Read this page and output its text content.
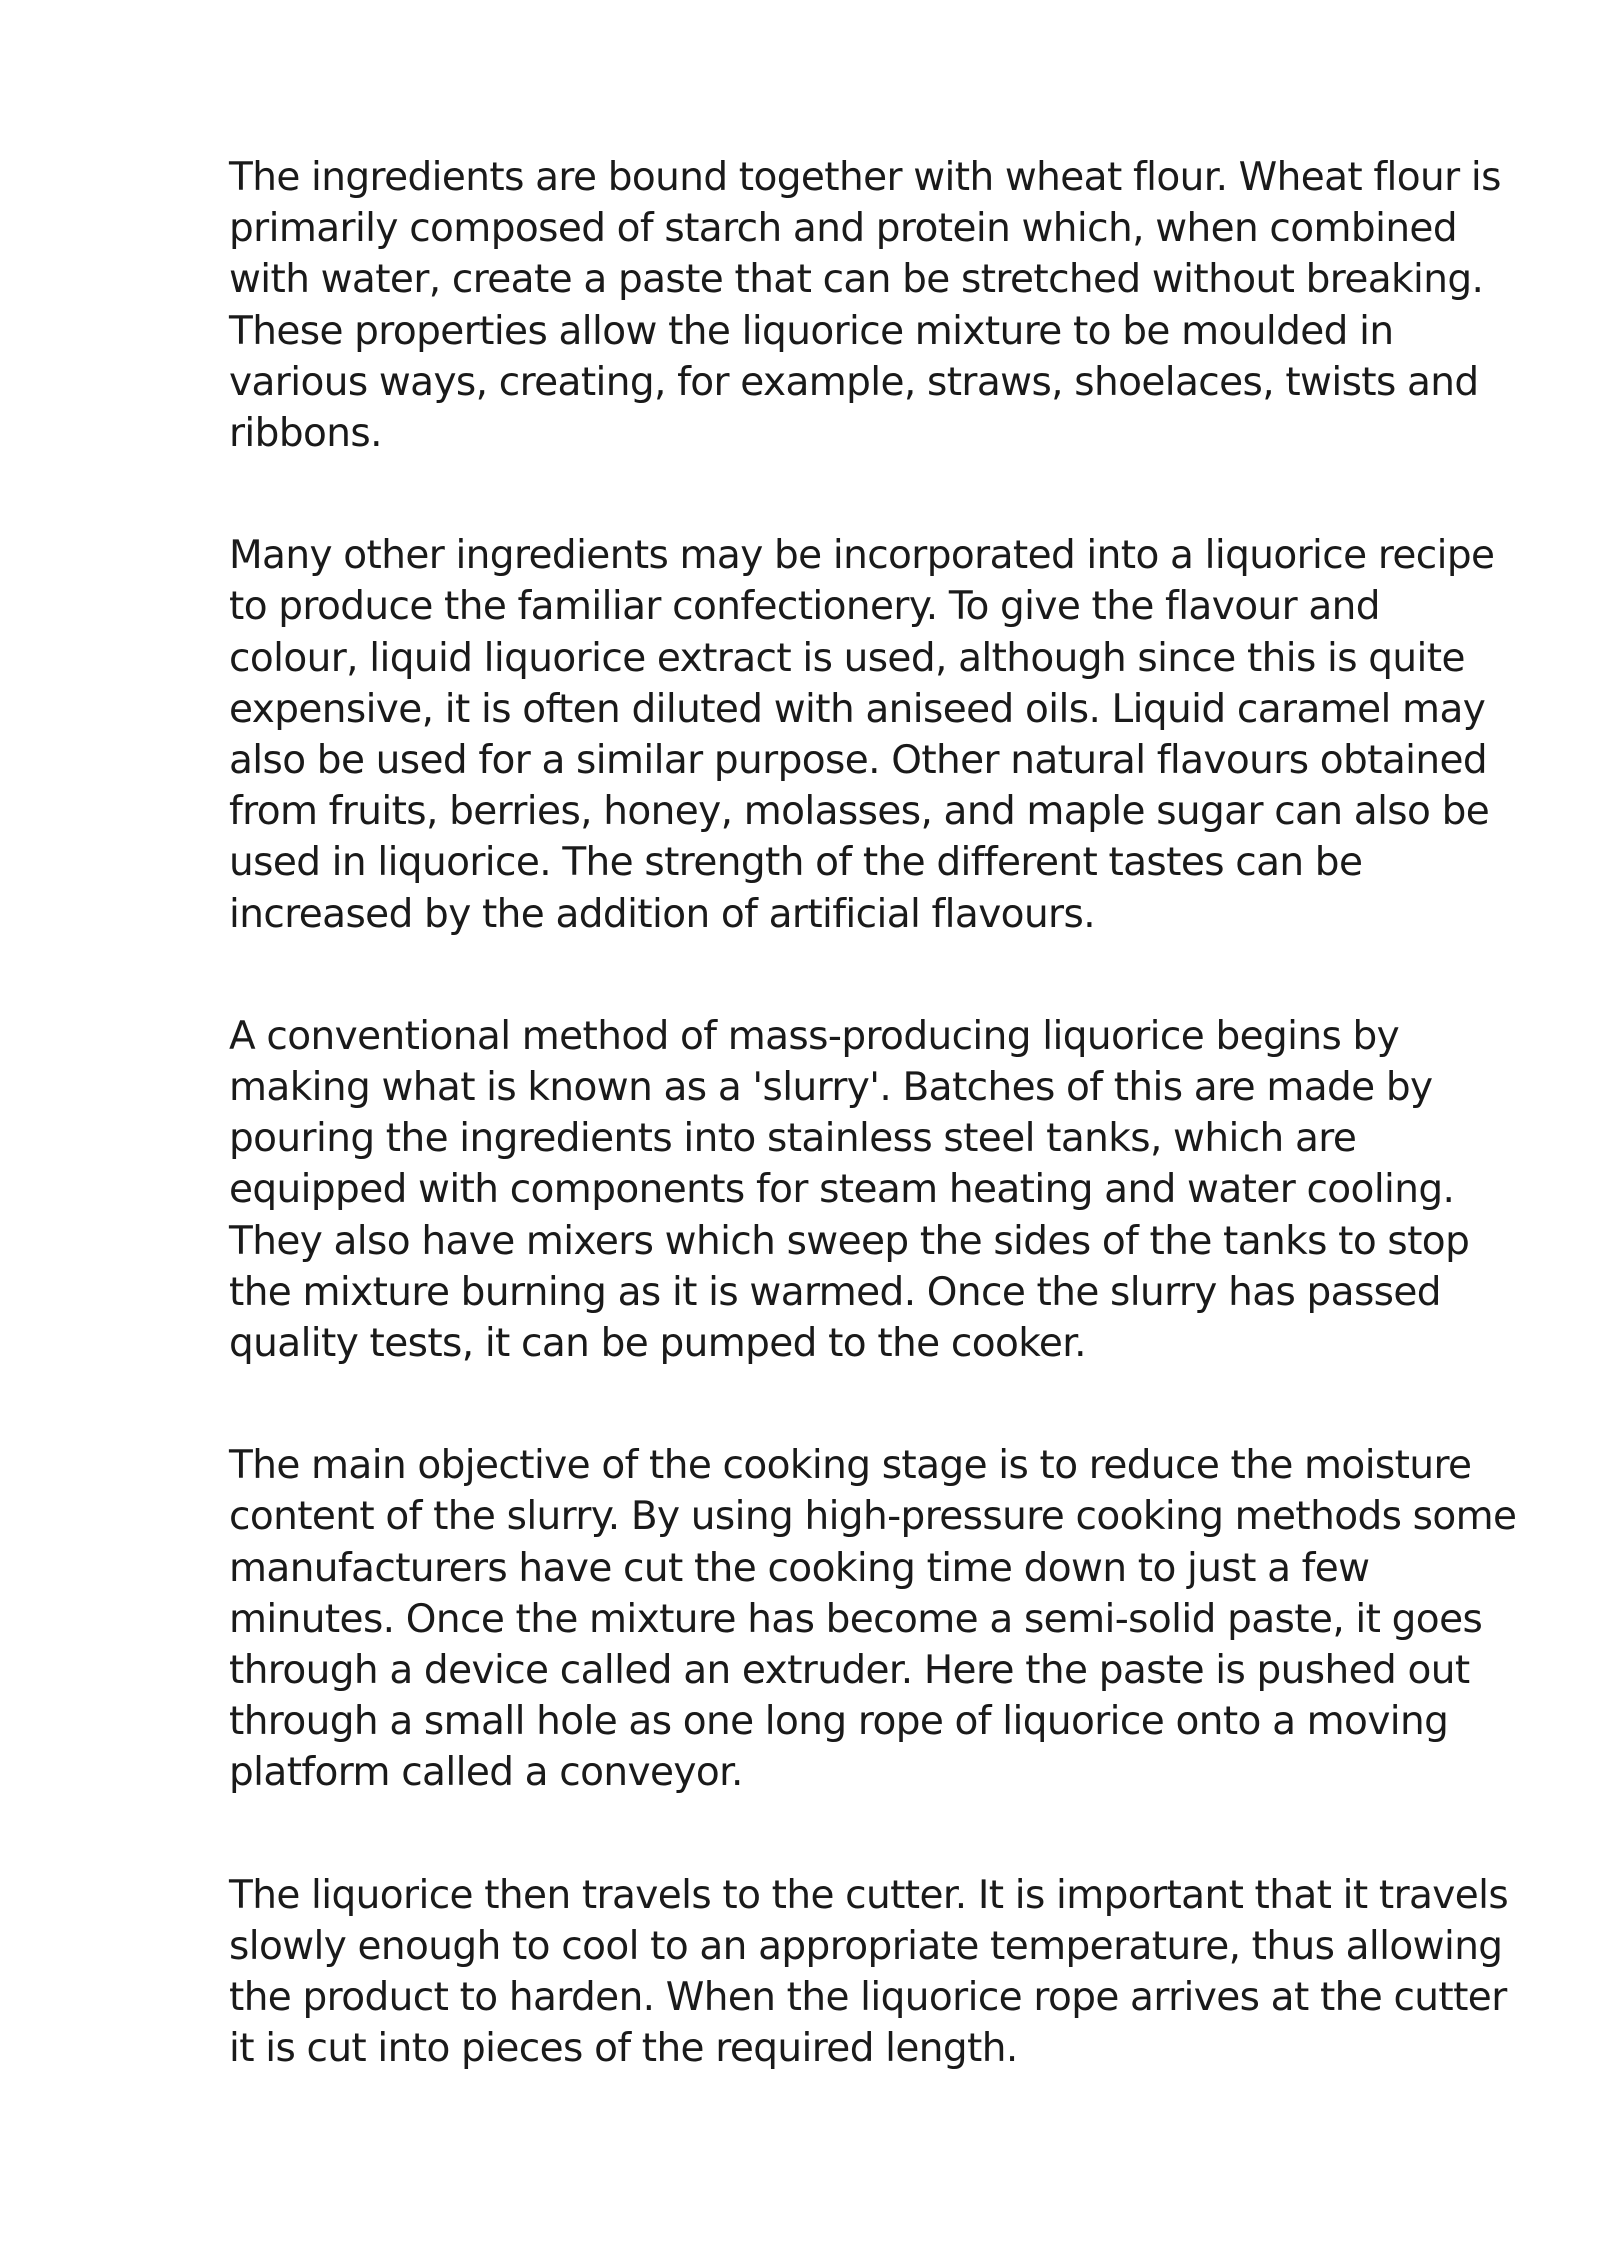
The ingredients are bound together with wheat flour. Wheat flour is primarily composed of starch and protein which, when combined with water, create a paste that can be stretched without breaking. These properties allow the liquorice mixture to be moulded in various ways, creating, for example, straws, shoelaces, twists and ribbons.

Many other ingredients may be incorporated into a liquorice recipe to produce the familiar confectionery. To give the flavour and colour, liquid liquorice extract is used, although since this is quite expensive, it is often diluted with aniseed oils. Liquid caramel may also be used for a similar purpose. Other natural flavours obtained from fruits, berries, honey, molasses, and maple sugar can also be used in liquorice. The strength of the different tastes can be increased by the addition of artificial flavours.

A conventional method of mass-producing liquorice begins by making what is known as a 'slurry'. Batches of this are made by pouring the ingredients into stainless steel tanks, which are equipped with components for steam heating and water cooling. They also have mixers which sweep the sides of the tanks to stop the mixture burning as it is warmed. Once the slurry has passed quality tests, it can be pumped to the cooker.

The main objective of the cooking stage is to reduce the moisture content of the slurry. By using high-pressure cooking methods some manufacturers have cut the cooking time down to just a few minutes. Once the mixture has become a semi-solid paste, it goes through a device called an extruder. Here the paste is pushed out through a small hole as one long rope of liquorice onto a moving platform called a conveyor.

The liquorice then travels to the cutter. It is important that it travels slowly enough to cool to an appropriate temperature, thus allowing the product to harden. When the liquorice rope arrives at the cutter it is cut into pieces of the required length.
